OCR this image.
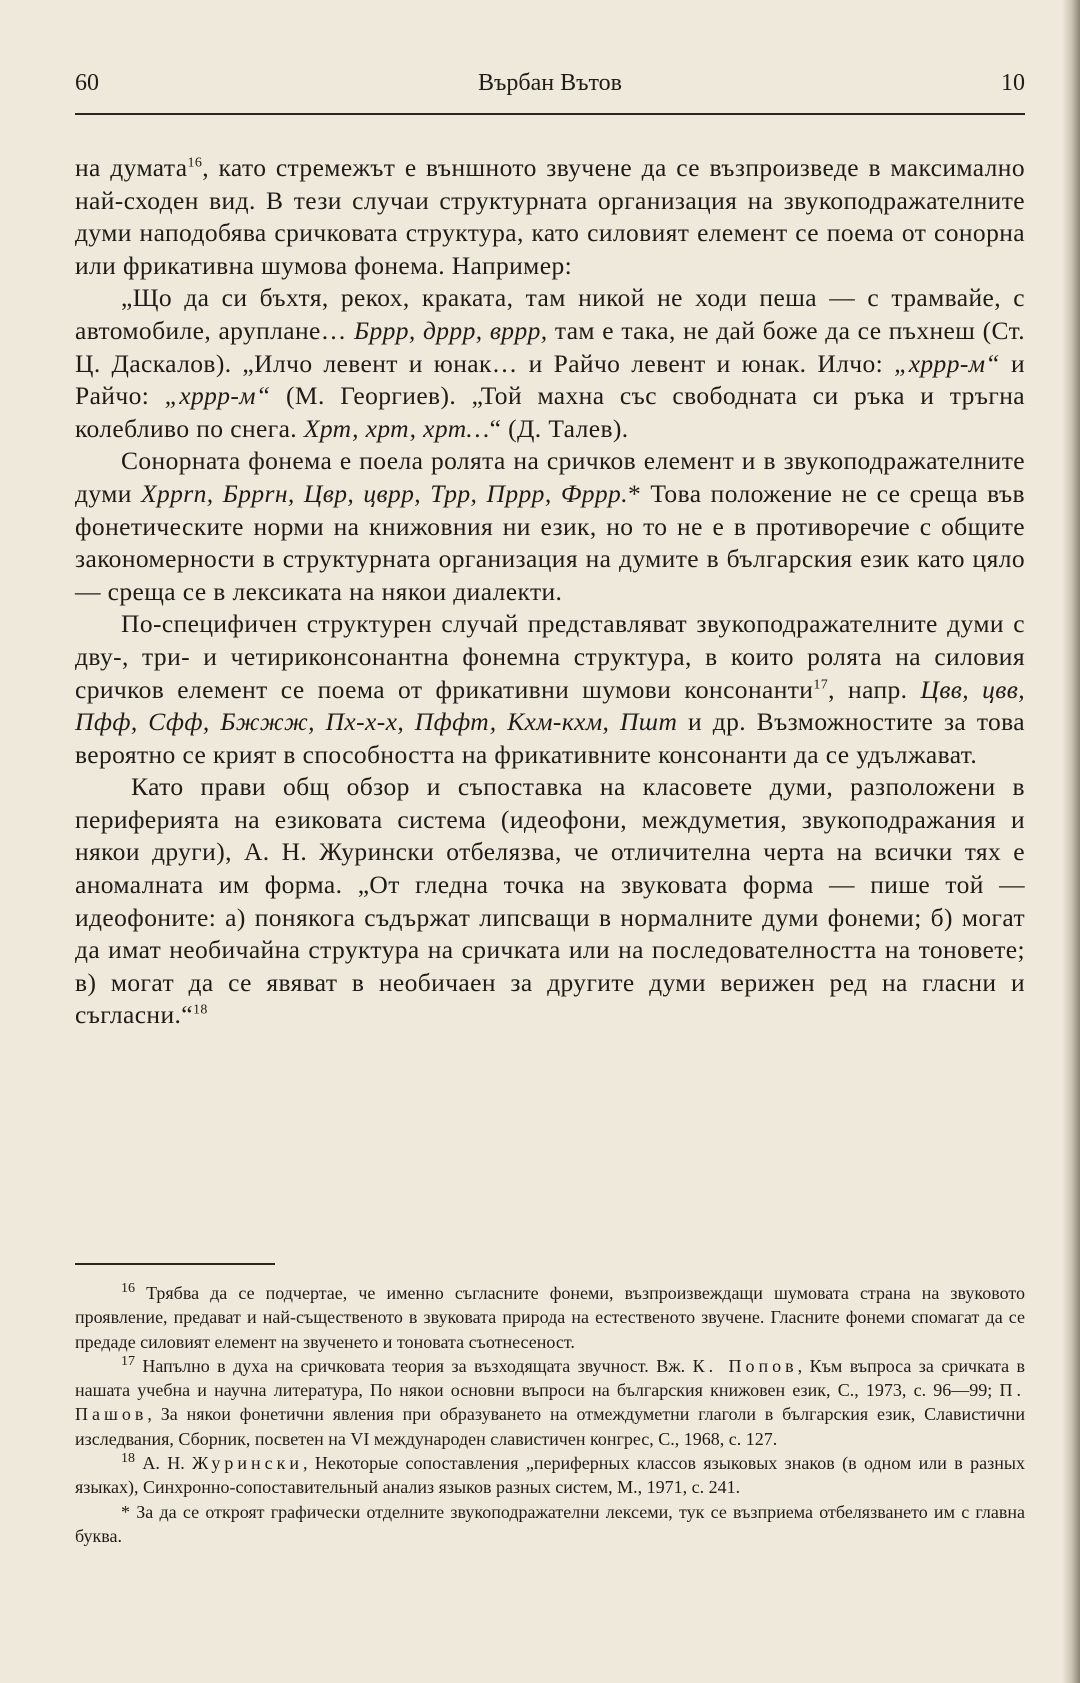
60	Върбан Вътов	10

на думата$^{16}$, като стремежът е външното звучене да се възпроизведе в максимално най-сходен вид. В тези случаи структурната организация на звукоподражателните думи наподобява сричковата структура, като силовият елемент се поема от сонорна или фрикативна шумова фонема. Например:

„Що да си бъхтя, рекох, краката, там никой не ходи пеша — с трамвайе, с автомобиле, аруплане… Бррр, дррр, вррр, там е така, не дай боже да се пъхнеш (Ст. Ц. Даскалов). „Илчо левент и юнак… и Райчо левент и юнак. Илчо: „хррр-м“ и Райчо: „хррр-м“ (М. Георгиев). „Той махна със свободната си ръка и тръгна колебливо по снега. Хрт, хрт, хрт…“ (Д. Талев).

Сонорната фонема е поела ролята на сричков елемент и в звукоподражателните думи Хррrn, Бррrн, Цвр, цврр, Трр, Пррр, Фррр.* Това положение не се среща във фонетическите норми на книжовния ни език, но то не е в противоречие с общите закономерности в структурната организация на думите в българския език като цяло — среща се в лексиката на някои диалекти.

По-специфичен структурен случай представляват звукоподражателните думи с дву-, три- и четириконсонантна фонемна структура, в които ролята на силовия сричков елемент се поема от фрикативни шумови консонанти$^{17}$, напр. Цвв, цвв, Пфф, Сфф, Бжжж, Пх-х-х, Пффт, Кхм-кхм, Пшт и др. Възможностите за това вероятно се крият в способността на фрикативните консонанти да се удължават.

Като прави общ обзор и съпоставка на класовете думи, разположени в периферията на езиковата система (идеофони, междуметия, звукоподражания и някои други), А. Н. Журински отбелязва, че отличителна черта на всички тях е аномалната им форма. „От гледна точка на звуковата форма — пише той — идеофоните: а) понякога съдържат липсващи в нормалните думи фонеми; б) могат да имат необичайна структура на сричката или на последователността на тоновете; в) могат да се явяват в необичаен за другите думи верижен ред на гласни и съгласни.“$^{18}$

$^{16}$ Трябва да се подчертае, че именно съгласните фонеми, възпроизвеждащи шумовата страна на звуковото проявление, предават и най-същественото в звуковата природа на естественото звучене. Гласните фонеми спомагат да се предаде силовият елемент на звученето и тоновата съотнесеност.

$^{17}$ Напълно в духа на сричковата теория за възходящата звучност. Вж. К. Попов, Към въпроса за сричката в нашата учебна и научна литература, По някои основни въпроси на българския книжовен език, С., 1973, с. 96—99; П. Пашов, За някои фонетични явления при образуването на отмеждуметни глаголи в българския език, Славистични изследвания, Сборник, посветен на VI международен славистичен конгрес, С., 1968, с. 127.

$^{18}$ А. Н. Журински, Некоторые сопоставления „периферных классов языковых знаков (в одном или в разных языках), Синхронно-сопоставительный анализ языков разных систем, М., 1971, с. 241.

* За да се откроят графически отделните звукоподражателни лексеми, тук се възприема отбелязването им с главна буква.
